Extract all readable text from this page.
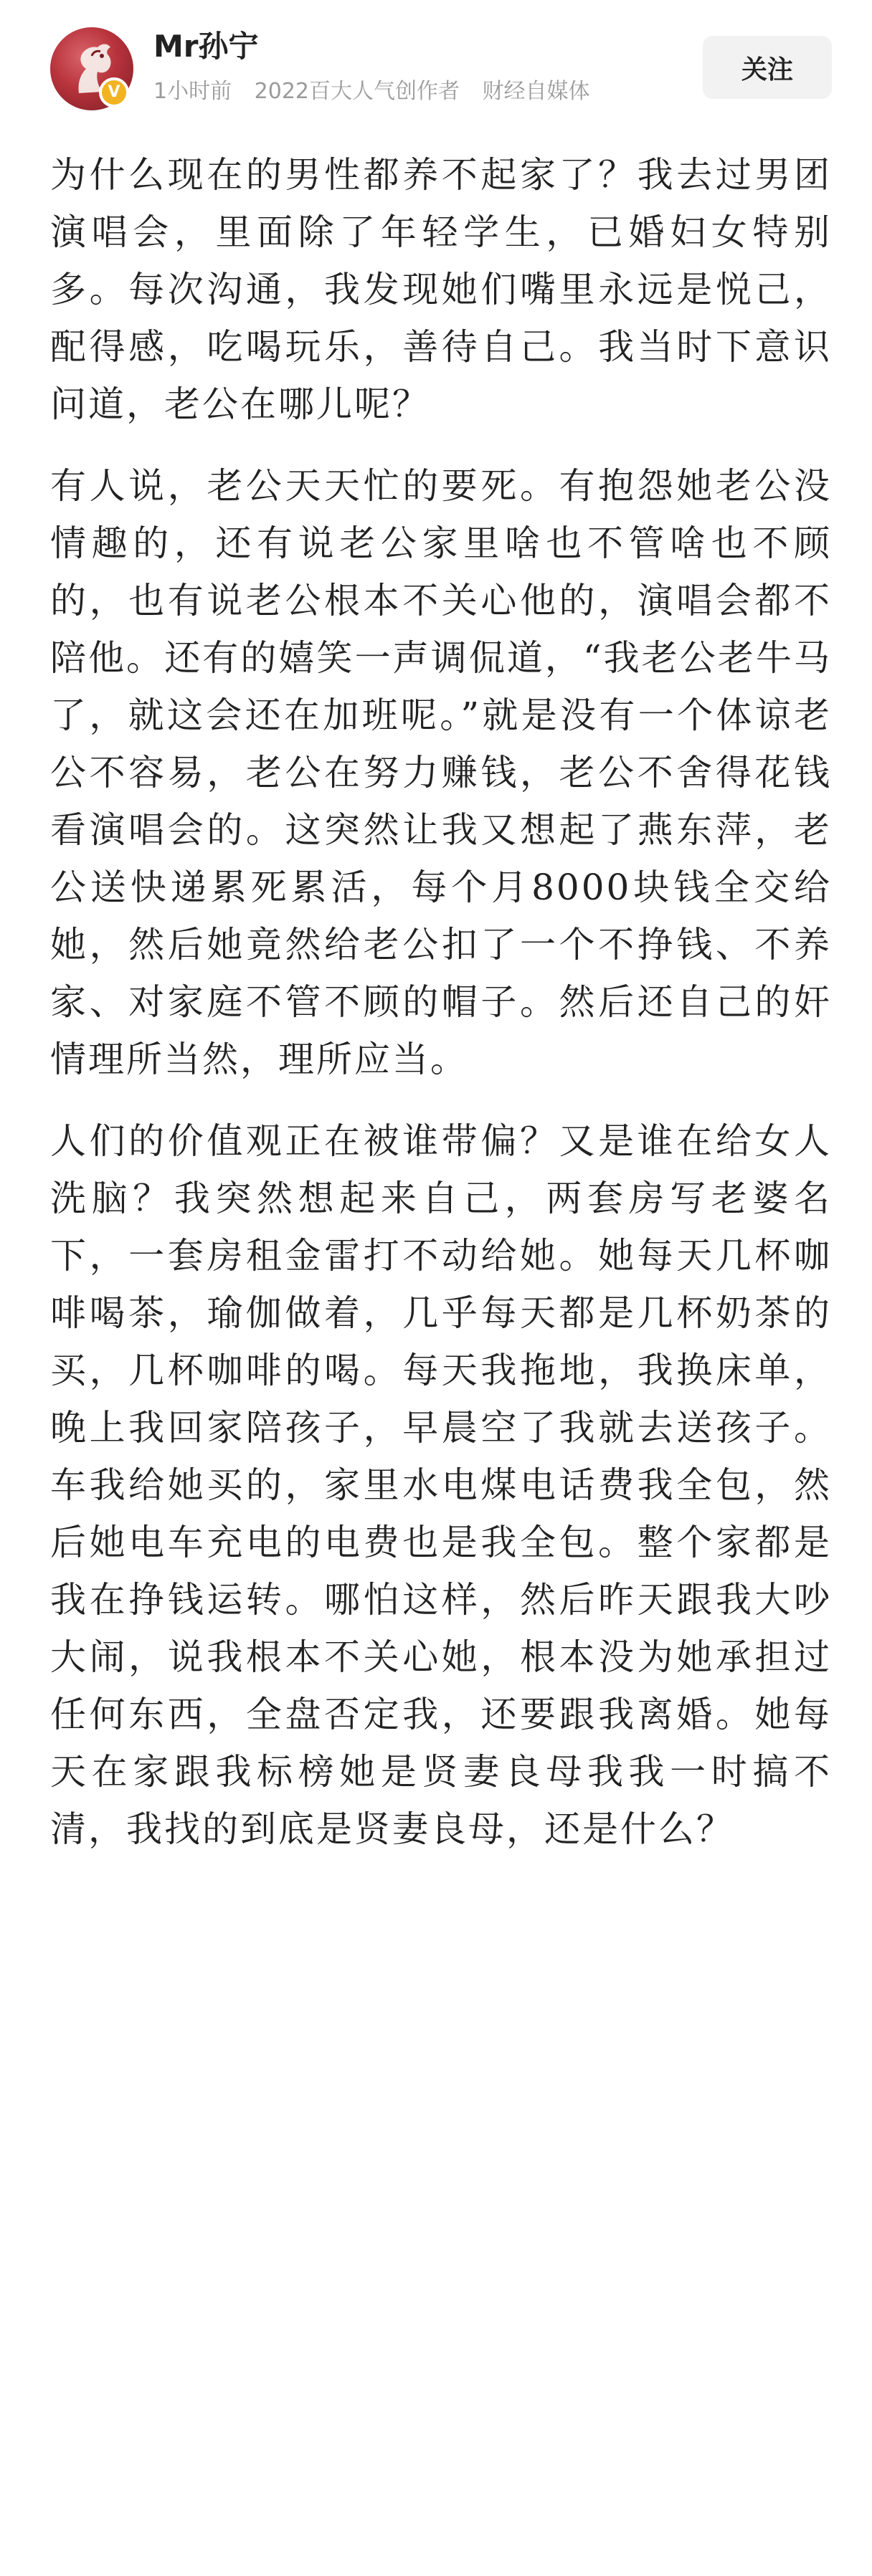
V
Mr孙宁
1小时前 2022百大人气创作者 财经自媒体
关注

为什么现在的男性都养不起家了？我去过男团演唱会，里面除了年轻学生，已婚妇女特别多。每次沟通，我发现她们嘴里永远是悦己，配得感，吃喝玩乐，善待自己。我当时下意识问道，老公在哪儿呢？

有人说，老公天天忙的要死。有抱怨她老公没情趣的，还有说老公家里啥也不管啥也不顾的，也有说老公根本不关心他的，演唱会都不陪他。还有的嬉笑一声调侃道，“我老公老牛马了，就这会还在加班呢。”就是没有一个体谅老公不容易，老公在努力赚钱，老公不舍得花钱看演唱会的。这突然让我又想起了燕东萍，老公送快递累死累活，每个月8000块钱全交给她，然后她竟然给老公扣了一个不挣钱、不养家、对家庭不管不顾的帽子。然后还自己的奸情理所当然，理所应当。

人们的价值观正在被谁带偏？又是谁在给女人洗脑？我突然想起来自己，两套房写老婆名下，一套房租金雷打不动给她。她每天几杯咖啡喝茶，瑜伽做着，几乎每天都是几杯奶茶的买，几杯咖啡的喝。每天我拖地，我换床单，晚上我回家陪孩子，早晨空了我就去送孩子。车我给她买的，家里水电煤电话费我全包，然后她电车充电的电费也是我全包。整个家都是我在挣钱运转。哪怕这样，然后昨天跟我大吵大闹，说我根本不关心她，根本没为她承担过任何东西，全盘否定我，还要跟我离婚。她每天在家跟我标榜她是贤妻良母我我一时搞不清，我找的到底是贤妻良母，还是什么？
